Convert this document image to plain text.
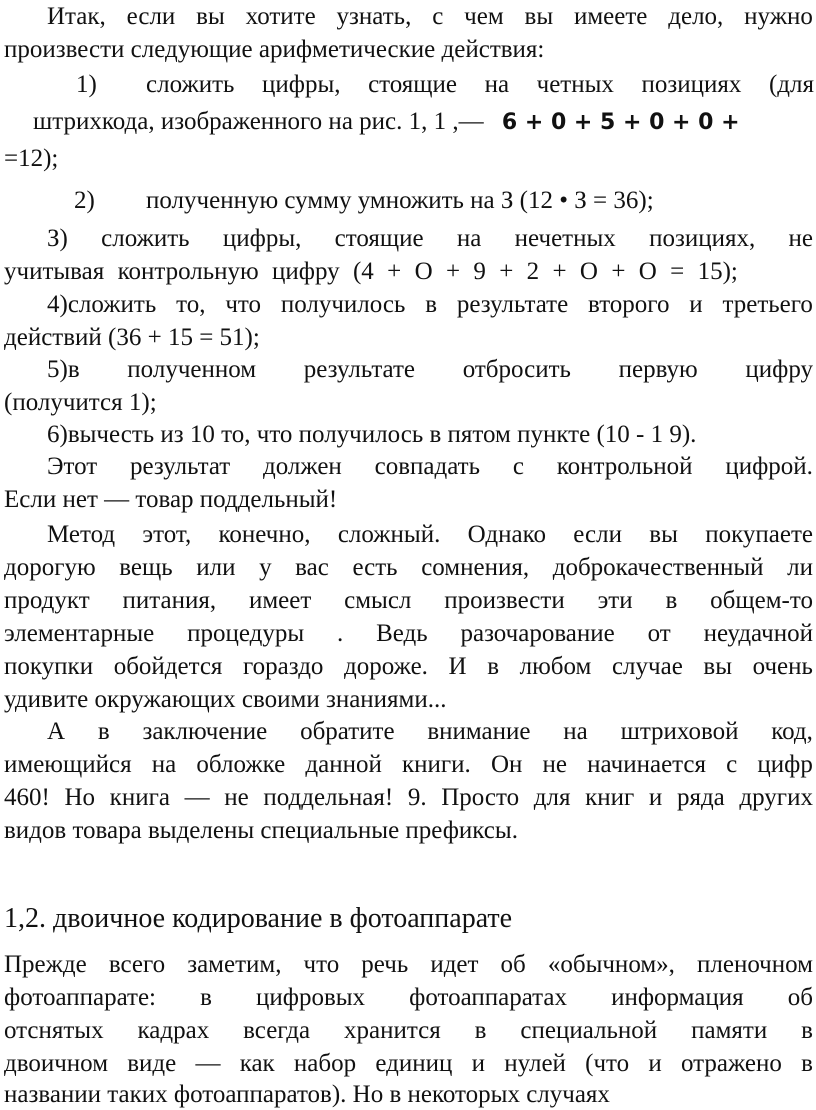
Итак, если вы хотите узнать, с чем вы имеете дело, нужно
произвести следующие арифметические действия:
1)	сложить цифры, стоящие на четных позициях (для
штрихкода, изображенного на рис. 1, 1 ,— 6 + 0 + 5 + 0 + 0 +
=12);
2)	полученную сумму умножить на З (12 • З = 36);
З) сложить цифры, стоящие на нечетных позициях, не
учитывая контрольную цифру (4 + О + 9 + 2 + О + О = 15);
4)сложить то, что получилось в результате второго и третьего
действий (36 + 15 = 51);
5)в полученном результате отбросить первую цифру
(получится 1);
6)вычесть из 10 то, что получилось в пятом пункте (10 - 1 9).
Этот результат должен совпадать с контрольной цифрой.
Если нет — товар поддельный!
Метод этот, конечно, сложный. Однако если вы покупаете
дорогую вещь или у вас есть сомнения, доброкачественный ли
продукт питания, имеет смысл произвести эти в общем-то
элементарные процедуры . Ведь разочарование от неудачной
покупки обойдется гораздо дороже. И в любом случае вы очень
удивите окружающих своими знаниями...
А в заключение обратите внимание на штриховой код,
имеющийся на обложке данной книги. Он не начинается с цифр
460! Но книга — не поддельная! 9. Просто для книг и ряда других
видов товара выделены специальные префиксы.
1,2. двоичное кодирование в фотоаппарате
Прежде всего заметим, что речь идет об «обычном», пленочном
фотоаппарате: в цифровых фотоаппаратах информация об
отснятых кадрах всегда хранится в специальной памяти в
двоичном виде — как набор единиц и нулей (что и отражено в
названии таких фотоаппаратов). Но в некоторых случаях
